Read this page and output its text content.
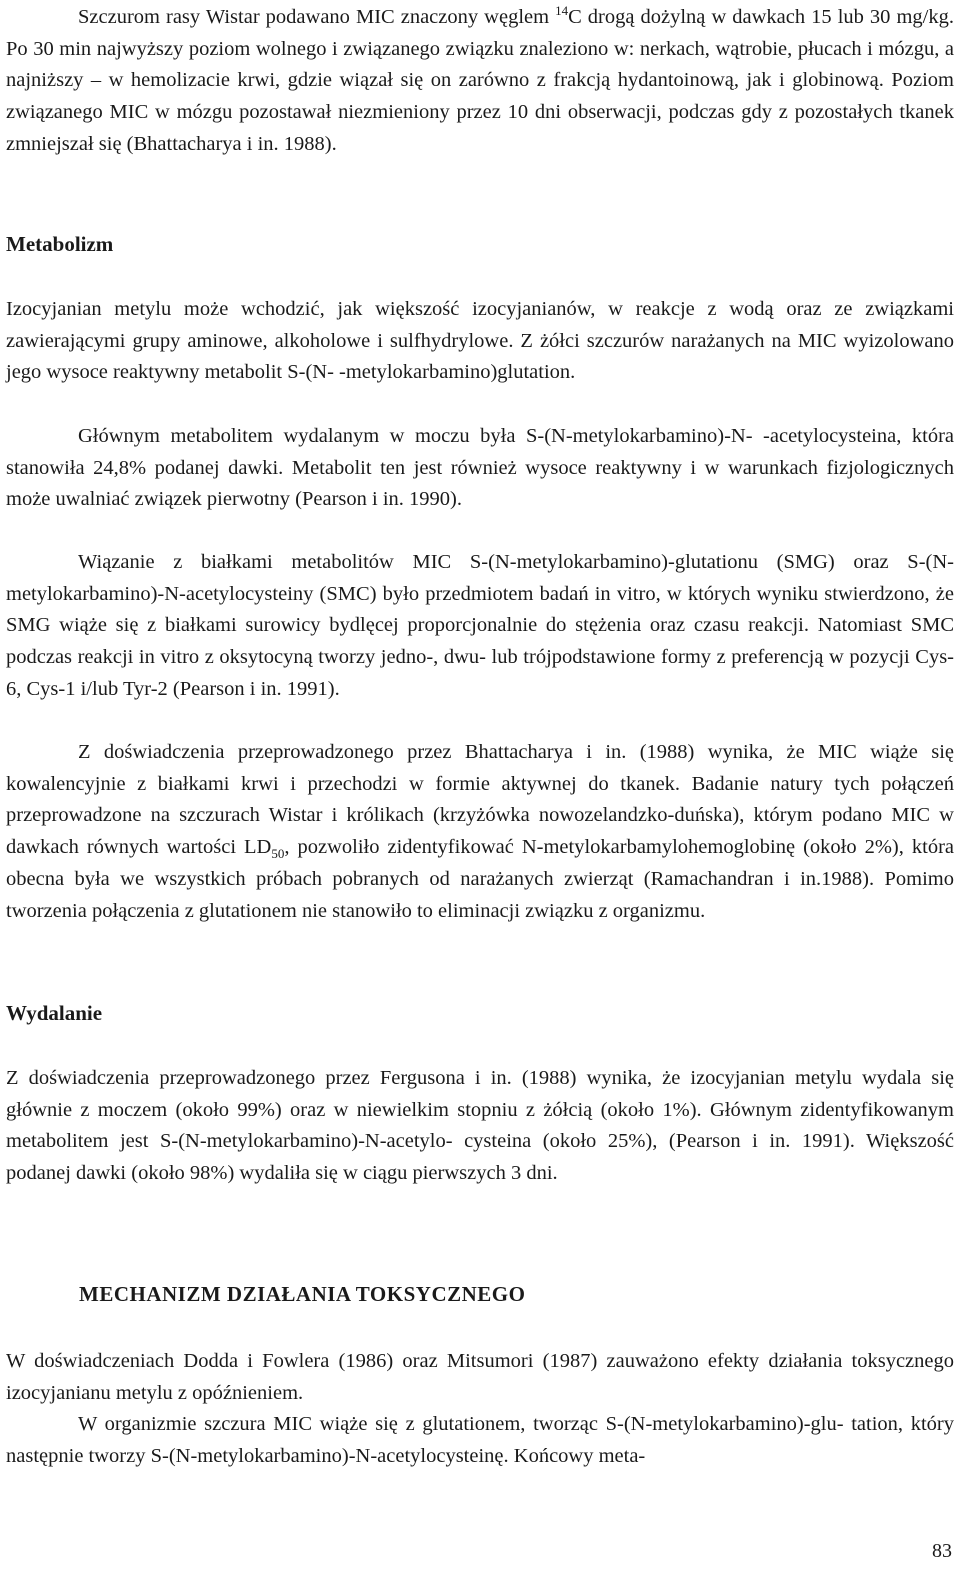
Szczurom rasy Wistar podawano MIC znaczony węglem $^{14}$C drogą dożylną w dawkach 15 lub 30 mg/kg. Po 30 min najwyższy poziom wolnego i związanego związku znaleziono w: nerkach, wątrobie, płucach i mózgu, a najniższy – w hemolizacie krwi, gdzie wiązał się on zarówno z frakcją hydantoinową, jak i globinową. Poziom związanego MIC w mózgu pozostawał niezmieniony przez 10 dni obserwacji, podczas gdy z pozostałych tkanek zmniejszał się (Bhattacharya i in. 1988).

Metabolizm

Izocyjanian metylu może wchodzić, jak większość izocyjanianów, w reakcje z wodą oraz ze związkami zawierającymi grupy aminowe, alkoholowe i sulfhydrylowe. Z żółci szczurów narażanych na MIC wyizolowano jego wysoce reaktywny metabolit S-(N- -metylokarbamino)glutation.

Głównym metabolitem wydalanym w moczu była S-(N-metylokarbamino)-N- -acetylocysteina, która stanowiła 24,8% podanej dawki. Metabolit ten jest również wysoce reaktywny i w warunkach fizjologicznych może uwalniać związek pierwotny (Pearson i in. 1990).

Wiązanie z białkami metabolitów MIC S-(N-metylokarbamino)-glutationu (SMG) oraz S-(N-metylokarbamino)-N-acetylocysteiny (SMC) było przedmiotem badań in vitro, w których wyniku stwierdzono, że SMG wiąże się z białkami surowicy bydlęcej proporcjonalnie do stężenia oraz czasu reakcji. Natomiast SMC podczas reakcji in vitro z oksytocyną tworzy jedno-, dwu- lub trójpodstawione formy z preferencją w pozycji Cys-6, Cys-1 i/lub Tyr-2 (Pearson i in. 1991).

Z doświadczenia przeprowadzonego przez Bhattacharya i in. (1988) wynika, że MIC wiąże się kowalencyjnie z białkami krwi i przechodzi w formie aktywnej do tkanek. Badanie natury tych połączeń przeprowadzone na szczurach Wistar i królikach (krzyżówka nowozelandzko-duńska), którym podano MIC w dawkach równych wartości $LD_{50}$, pozwoliło zidentyfikować N-metylokarbamylohemoglobinę (około 2%), która obecna była we wszystkich próbach pobranych od narażanych zwierząt (Ramachandran i in.1988). Pomimo tworzenia połączenia z glutationem nie stanowiło to eliminacji związku z organizmu.

Wydalanie

Z doświadczenia przeprowadzonego przez Fergusona i in. (1988) wynika, że izocyjanian metylu wydala się głównie z moczem (około 99%) oraz w niewielkim stopniu z żółcią (około 1%). Głównym zidentyfikowanym metabolitem jest S-(N-metylokarbamino)-N-acetylo- cysteina (około 25%), (Pearson i in. 1991). Większość podanej dawki (około 98%) wydaliła się w ciągu pierwszych 3 dni.

MECHANIZM DZIAŁANIA TOKSYCZNEGO

W doświadczeniach Dodda i Fowlera (1986) oraz Mitsumori (1987) zauważono efekty działania toksycznego izocyjanianu metylu z opóźnieniem.

W organizmie szczura MIC wiąże się z glutationem, tworząc S-(N-metylokarbamino)-glu- tation, który następnie tworzy S-(N-metylokarbamino)-N-acetylocysteinę. Końcowy meta-

83
